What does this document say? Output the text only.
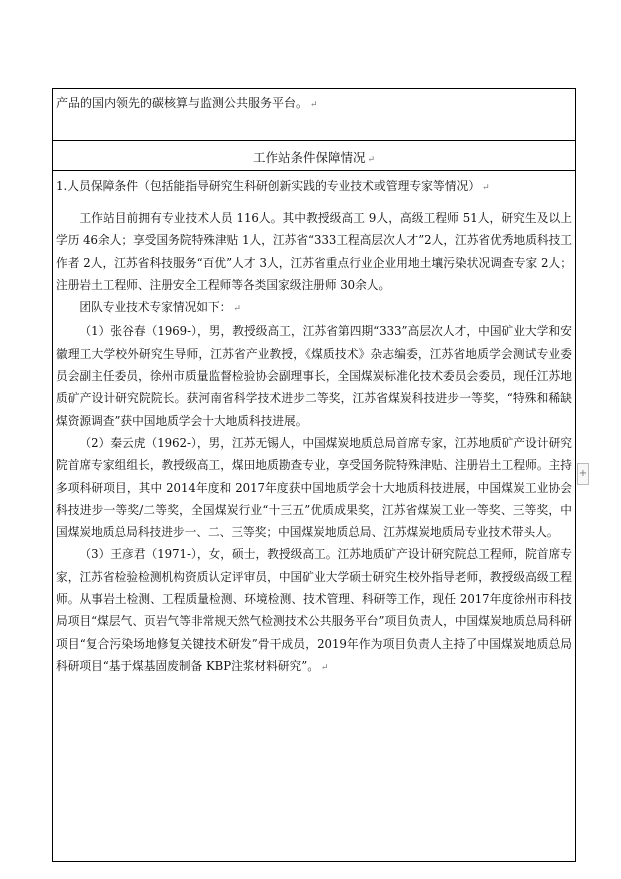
产品的国内领先的碳核算与监测公共服务平台。 ↵
工作站条件保障情况 ↵
1.人员保障条件（包括能指导研究生科研创新实践的专业技术或管理专家等情况） ↵

工作站目前拥有专业技术人员 116人。其中教授级高工 9人，高级工程师 51人，研究生及以上学历 46余人；享受国务院特殊津贴 1人，江苏省“333工程高层次人才”2人，江苏省优秀地质科技工作者 2人，江苏省科技服务“百优”人才 3人，江苏省重点行业企业用地土壤污染状况调查专家 2人；注册岩土工程师、注册安全工程师等各类国家级注册师 30余人。

团队专业技术专家情况如下： ↵

（1）张谷春（1969-），男，教授级高工，江苏省第四期“333”高层次人才，中国矿业大学和安徽理工大学校外研究生导师，江苏省产业教授，《煤质技术》杂志编委，江苏省地质学会测试专业委员会副主任委员，徐州市质量监督检验协会副理事长，全国煤炭标准化技术委员会委员，现任江苏地质矿产设计研究院院长。获河南省科学技术进步二等奖，江苏省煤炭科技进步一等奖，“特殊和稀缺煤资源调查”获中国地质学会十大地质科技进展。

（2）秦云虎（1962-），男，江苏无锡人，中国煤炭地质总局首席专家，江苏地质矿产设计研究院首席专家组组长，教授级高工，煤田地质勘查专业，享受国务院特殊津贴、注册岩土工程师。主持多项科研项目，其中 2014年度和 2017年度获中国地质学会十大地质科技进展，中国煤炭工业协会科技进步一等奖/二等奖，全国煤炭行业“十三五”优质成果奖，江苏省煤炭工业一等奖、三等奖，中国煤炭地质总局科技进步一、二、三等奖；中国煤炭地质总局、江苏煤炭地质局专业技术带头人。

（3）王彦君（1971-），女，硕士，教授级高工。江苏地质矿产设计研究院总工程师，院首席专家，江苏省检验检测机构资质认定评审员，中国矿业大学硕士研究生校外指导老师，教授级高级工程师。从事岩土检测、工程质量检测、环境检测、技术管理、科研等工作，现任 2017年度徐州市科技局项目“煤层气、页岩气等非常规天然气检测技术公共服务平台”项目负责人，中国煤炭地质总局科研项目“复合污染场地修复关键技术研发”骨干成员，2019年作为项目负责人主持了中国煤炭地质总局科研项目“基于煤基固废制备 KBP注浆材料研究”。 ↵

+
